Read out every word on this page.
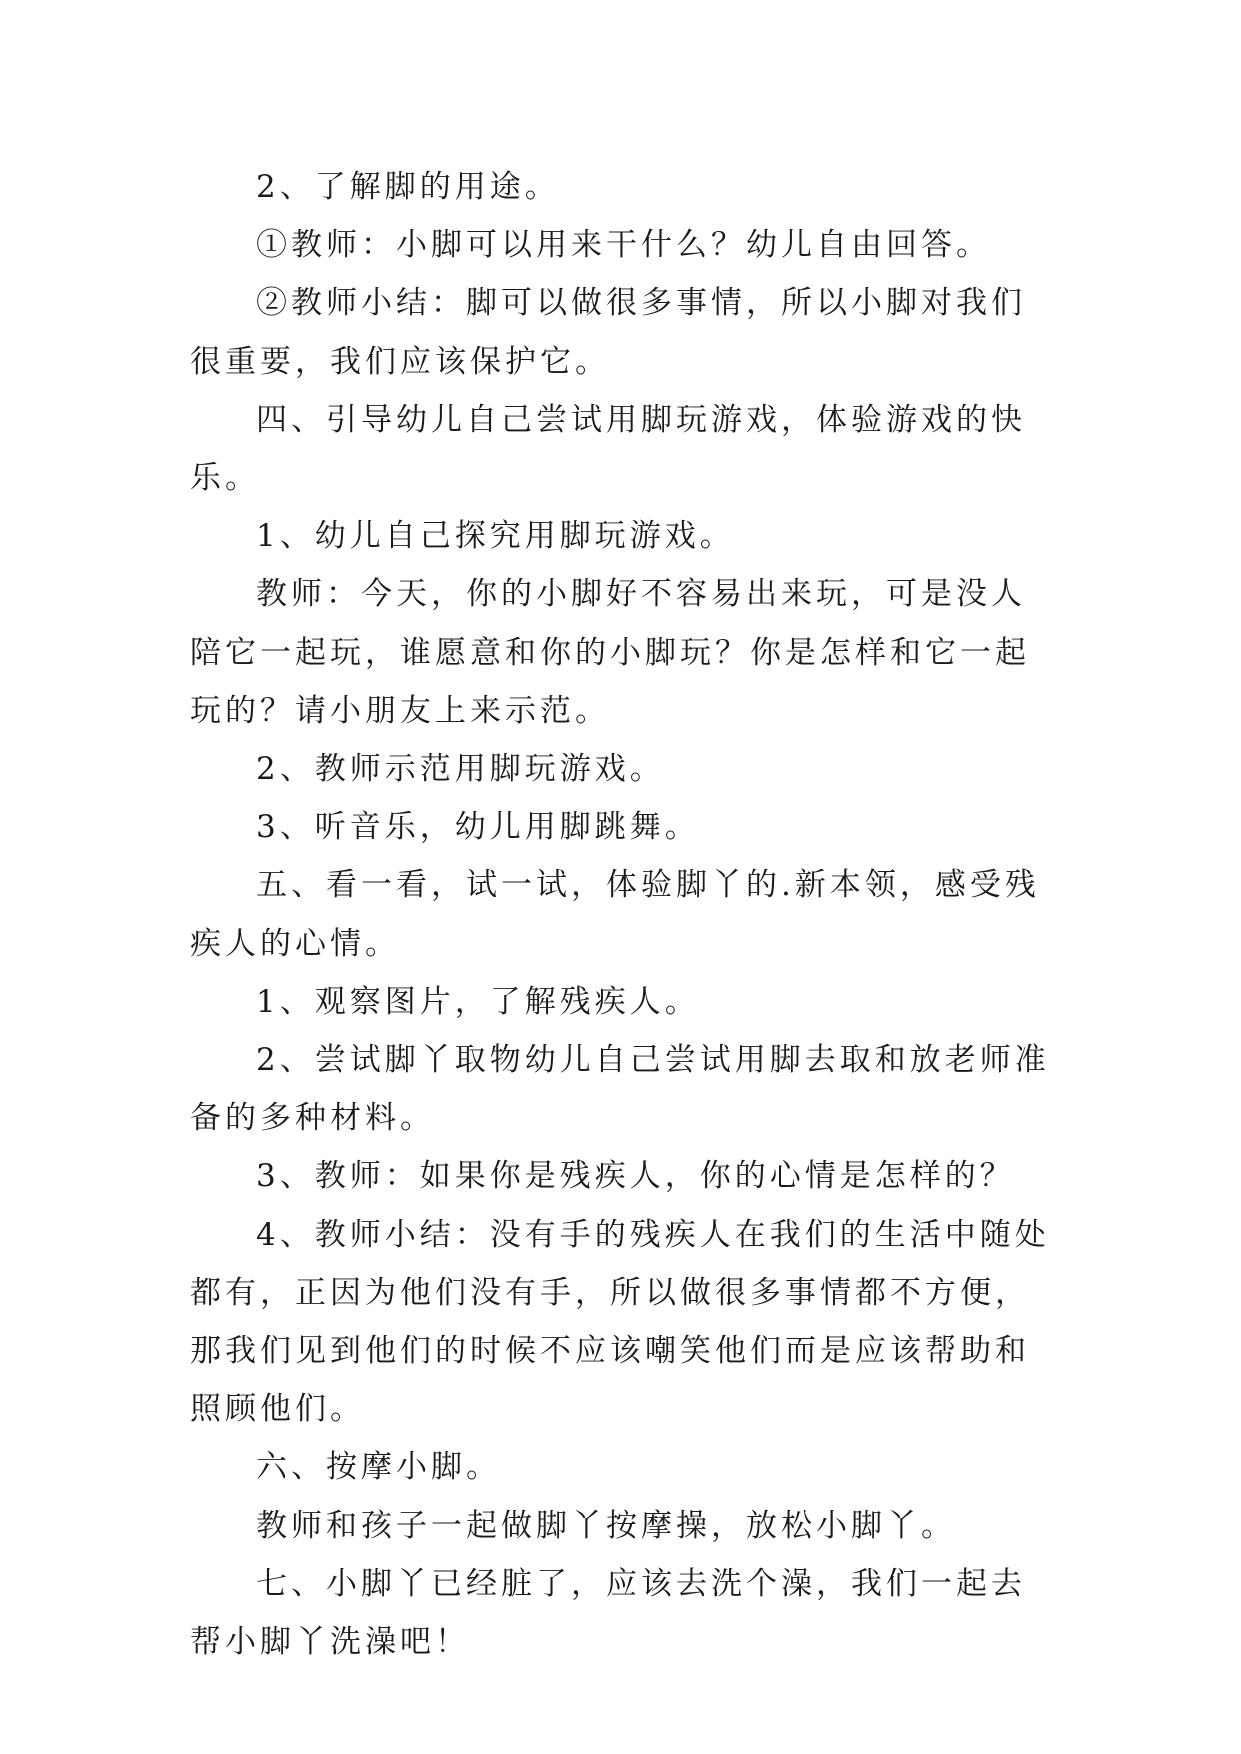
2、了解脚的用途。

①教师：小脚可以用来干什么？幼儿自由回答。

②教师小结：脚可以做很多事情，所以小脚对我们很重要，我们应该保护它。

四、引导幼儿自己尝试用脚玩游戏，体验游戏的快乐。

1、幼儿自己探究用脚玩游戏。

教师：今天，你的小脚好不容易出来玩，可是没人陪它一起玩，谁愿意和你的小脚玩？你是怎样和它一起玩的？请小朋友上来示范。

2、教师示范用脚玩游戏。

3、听音乐，幼儿用脚跳舞。

五、看一看，试一试，体验脚丫的.新本领，感受残疾人的心情。

1、观察图片，了解残疾人。

2、尝试脚丫取物幼儿自己尝试用脚去取和放老师准备的多种材料。

3、教师：如果你是残疾人，你的心情是怎样的？

4、教师小结：没有手的残疾人在我们的生活中随处都有，正因为他们没有手，所以做很多事情都不方便，那我们见到他们的时候不应该嘲笑他们而是应该帮助和照顾他们。

六、按摩小脚。

教师和孩子一起做脚丫按摩操，放松小脚丫。

七、小脚丫已经脏了，应该去洗个澡，我们一起去帮小脚丫洗澡吧！
